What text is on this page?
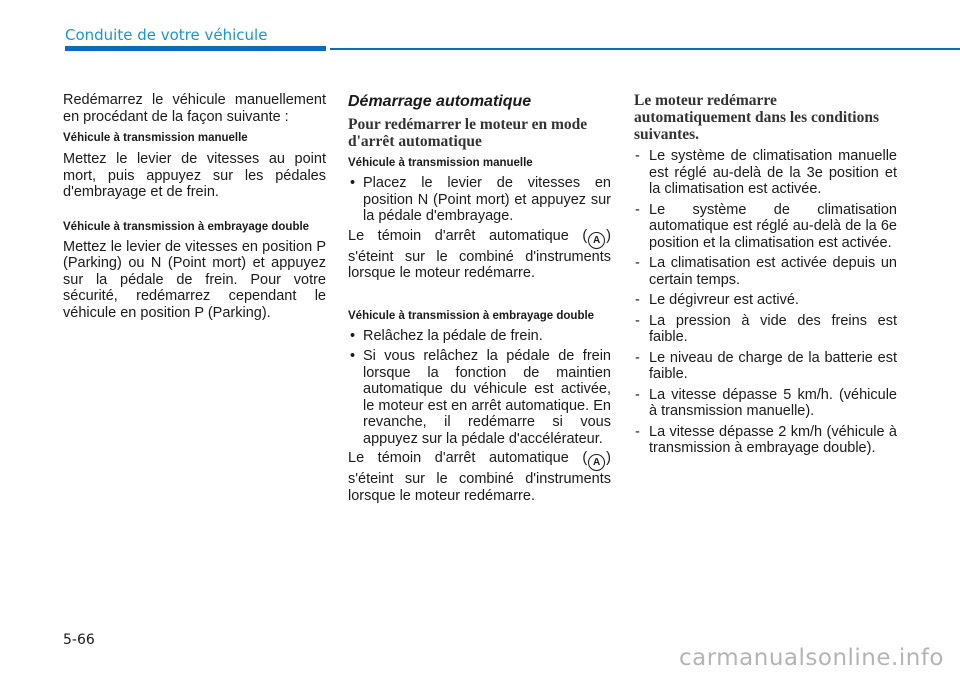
Conduite de votre véhicule

Redémarrez le véhicule manuellement en procédant de la façon suivante :

Véhicule à transmission manuelle

Mettez le levier de vitesses au point mort, puis appuyez sur les pédales d'embrayage et de frein.

Véhicule à transmission à embrayage double

Mettez le levier de vitesses en position P (Parking) ou N (Point mort) et appuyez sur la pédale de frein. Pour votre sécurité, redémarrez cependant le véhicule en position P (Parking).

Démarrage automatique

Pour redémarrer le moteur en mode d'arrêt automatique

Véhicule à transmission manuelle

• Placez le levier de vitesses en position N (Point mort) et appuyez sur la pédale d'embrayage.

Le témoin d'arrêt automatique ( A ) s'éteint sur le combiné d'instruments lorsque le moteur redémarre.

Véhicule à transmission à embrayage double

• Relâchez la pédale de frein.
• Si vous relâchez la pédale de frein lorsque la fonction de maintien automatique du véhicule est activée, le moteur est en arrêt automatique. En revanche, il redémarre si vous appuyez sur la pédale d'accélérateur.

Le témoin d'arrêt automatique ( A ) s'éteint sur le combiné d'instruments lorsque le moteur redémarre.

Le moteur redémarre automatiquement dans les conditions suivantes.

- Le système de climatisation manuelle est réglé au-delà de la 3e position et la climatisation est activée.
- Le système de climatisation automatique est réglé au-delà de la 6e position et la climatisation est activée.
- La climatisation est activée depuis un certain temps.
- Le dégivreur est activé.
- La pression à vide des freins est faible.
- Le niveau de charge de la batterie est faible.
- La vitesse dépasse 5 km/h. (véhicule à transmission manuelle).
- La vitesse dépasse 2 km/h (véhicule à transmission à embrayage double).
5-66
carmanualsonline.info
